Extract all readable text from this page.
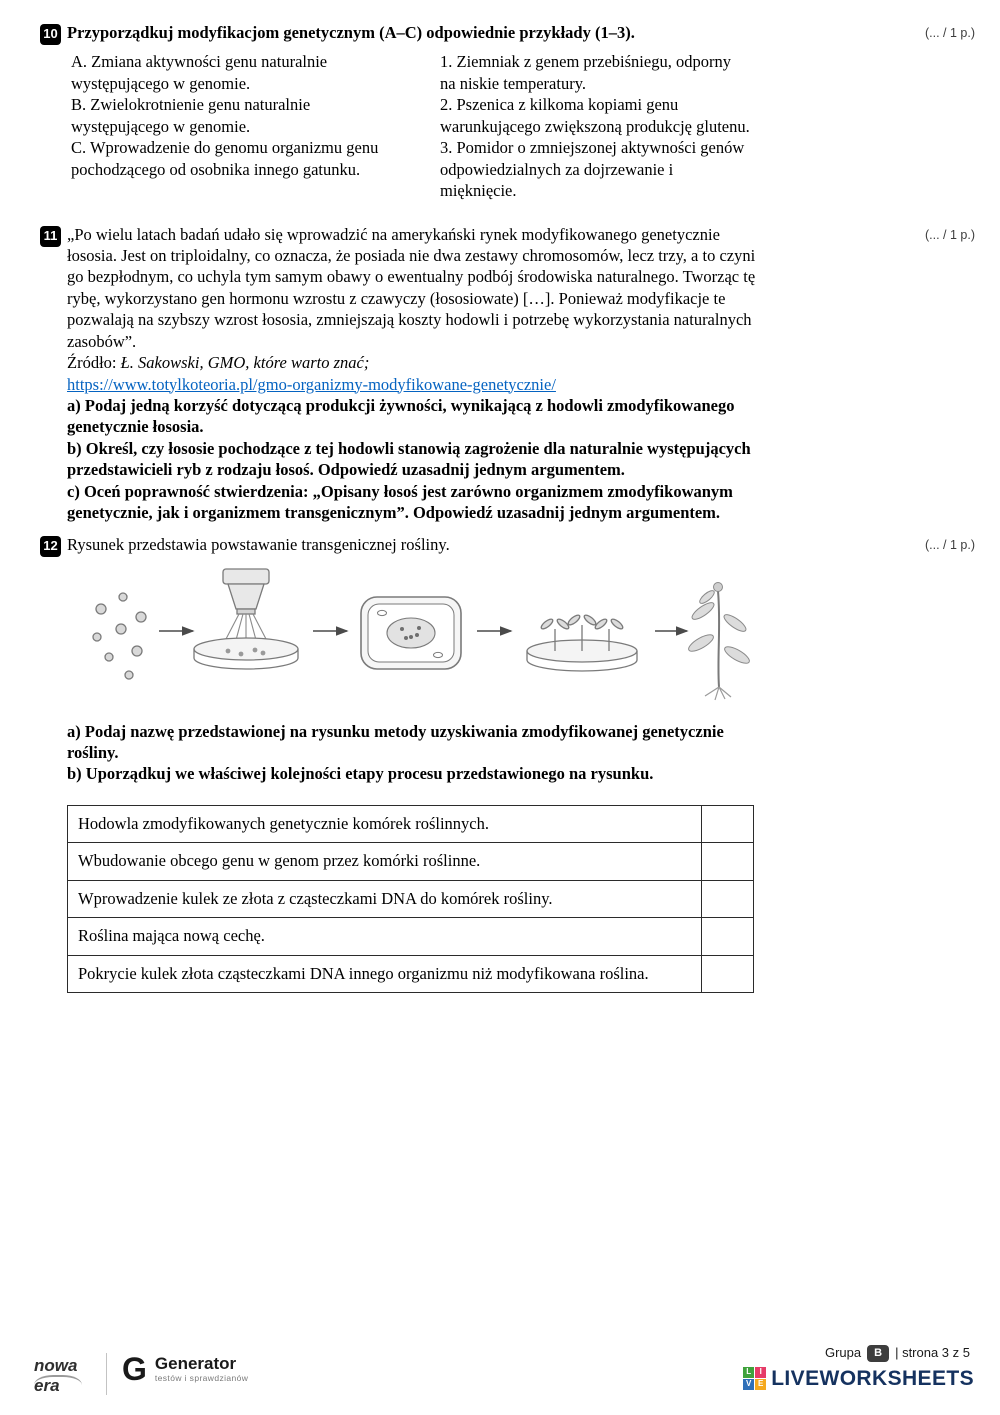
(... / 1 p.)
10 Przyporządkuj modyfikacjom genetycznym (A–C) odpowiednie przykłady (1–3).

A. Zmiana aktywności genu naturalnie występującego w genomie.

B. Zwielokrotnienie genu naturalnie występującego w genomie.

C. Wprowadzenie do genomu organizmu genu pochodzącego od osobnika innego gatunku.

1. Ziemniak z genem przebiśniegu, odporny na niskie temperatury.

2. Pszenica z kilkoma kopiami genu warunkującego zwiększoną produkcję glutenu.

3. Pomidor o zmniejszonej aktywności genów odpowiedzialnych za dojrzewanie i mięknięcie.

(... / 1 p.)
11 „Po wielu latach badań udało się wprowadzić na amerykański rynek modyfikowanego genetycznie łososia. Jest on triploidalny, co oznacza, że posiada nie dwa zestawy chromosomów, lecz trzy, a to czyni go bezpłodnym, co uchyla tym samym obawy o ewentualny podbój środowiska naturalnego. Tworząc tę rybę, wykorzystano gen hormonu wzrostu z czawyczy (łososiowate) […]. Ponieważ modyfikacje te pozwalają na szybszy wzrost łososia, zmniejszają koszty hodowli i potrzebę wykorzystania naturalnych zasobów”.

Źródło: Ł. Sakowski, GMO, które warto znać;

https://www.totylkoteoria.pl/gmo-organizmy-modyfikowane-genetycznie/

a) Podaj jedną korzyść dotyczącą produkcji żywności, wynikającą z hodowli zmodyfikowanego genetycznie łososia.

b) Określ, czy łososie pochodzące z tej hodowli stanowią zagrożenie dla naturalnie występujących przedstawicieli ryb z rodzaju łosoś. Odpowiedź uzasadnij jednym argumentem.

c) Oceń poprawność stwierdzenia: „Opisany łosoś jest zarówno organizmem zmodyfikowanym genetycznie, jak i organizmem transgenicznym”. Odpowiedź uzasadnij jednym argumentem.

(... / 1 p.)
12 Rysunek przedstawia powstawanie transgenicznej rośliny.

a) Podaj nazwę przedstawionej na rysunku metody uzyskiwania zmodyfikowanej genetycznie rośliny.

b) Uporządkuj we właściwej kolejności etapy procesu przedstawionego na rysunku.

Hodowla zmodyfikowanych genetycznie komórek roślinnych.	
Wbudowanie obcego genu w genom przez komórki roślinne.	
Wprowadzenie kulek ze złota z cząsteczkami DNA do komórek rośliny.	
Roślina mająca nową cechę.	
Pokrycie kulek złota cząsteczkami DNA innego organizmu niż modyfikowana roślina.	
nowa
era	G Generator
testów i sprawdzianów
Grupa	B	| strona 3 z 5
L	I
V E LIVEWORKSHEETS
